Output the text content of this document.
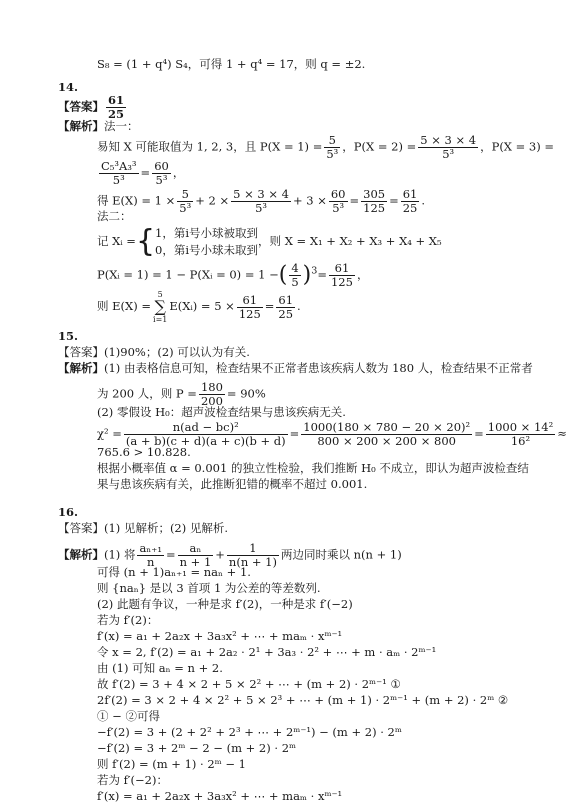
S₈ = (1 + q⁴) S₄，可得 1 + q⁴ = 17，则 q = ±2.
14.
【答案】 $\frac{61}{25}$
【解析】法一：
易知 X 可能取值为 1, 2, 3，且 $P(X = 1) = \frac{5}{\text{5³}}$ ，$P(X = 2) = \frac{5 \times 3 \times 4}{\text{5³}}$ ，P(X = 3) =
$\frac{\text{C₅³A₃³}}{\text{5³}} = \frac{60}{\text{5³}}$ ，
得 $E(X) = 1 \times \frac{5}{\text{5³}} + 2 \times \frac{5 \times 3 \times 4}{\text{5³}} + 3 \times \frac{60}{\text{5³}} = \frac{305}{125} = \frac{61}{25}$ .
法二：
记 Xᵢ ={1，第i号小球被取到
0，第i号小球未取到，则 X = X₁ + X₂ + X₃ + X₄ + X₅
P(Xᵢ = 1) = 1 − P(Xᵢ = 0) = 1 −( $\frac{4}{5} )^3= \frac{61}{125}$ ，
则 E(X) =
5
∑
i=1
E(Xᵢ) = $5 \times \frac{61}{125} = \frac{61}{25}$ .
15.
【答案】(1)90%；(2) 可以认为有关.
【解析】(1) 由表格信息可知，检查结果不正常者患该疾病人数为 180 人，检查结果不正常者
为 200 人，则 $P = \frac{180}{200} = 90\%$
(2) 零假设 H₀：超声波检查结果与患该疾病无关.
$\chi^2 = \frac{\text{n(ad − bc)²}}{(a + b)(c + d)(a + c)(b + d)} = \frac{\text{1000(180 × 780 − 20 × 20)²}}{800 \times 200 \times 200 \times 800} = \frac{\text{1000 × 14²}}{\text{16²}}$ ≈
765.6 > 10.828.
根据小概率值 α = 0.001 的独立性检验，我们推断 H₀ 不成立，即认为超声波检查结
果与患该疾病有关，此推断犯错的概率不超过 0.001.
16.
【答案】(1) 见解析；(2) 见解析.
【解析】(1) 将 $\frac{\text{aₙ₊₁}}{n} = \frac{\text{aₙ}}{n + 1} + \frac{1}{n(n + 1)}$ 两边同时乘以 n(n + 1)
可得 (n + 1)aₙ₊₁ = naₙ + 1.
则 {naₙ} 是以 3 首项 1 为公差的等差数列.
(2) 此题有争议，一种是求 f′(2)，一种是求 f′(−2)
若为 f′(2)：
f′(x) = a₁ + 2a₂x + 3a₃x² + ⋯ + maₘ · xᵐ⁻¹
令 x = 2, f′(2) = a₁ + 2a₂ · 2¹ + 3a₃ · 2² + ⋯ + m · aₘ · 2ᵐ⁻¹
由 (1) 可知 aₙ = n + 2.
故 f′(2) = 3 + 4 × 2 + 5 × 2² + ⋯ + (m + 2) · 2ᵐ⁻¹ ①
2f′(2) = 3 × 2 + 4 × 2² + 5 × 2³ + ⋯ + (m + 1) · 2ᵐ⁻¹ + (m + 2) · 2ᵐ ②
① − ②可得
−f′(2) = 3 + (2 + 2² + 2³ + ⋯ + 2ᵐ⁻¹) − (m + 2) · 2ᵐ
−f′(2) = 3 + 2ᵐ − 2 − (m + 2) · 2ᵐ
则 f′(2) = (m + 1) · 2ᵐ − 1
若为 f′(−2)：
f′(x) = a₁ + 2a₂x + 3a₃x² + ⋯ + maₘ · xᵐ⁻¹
